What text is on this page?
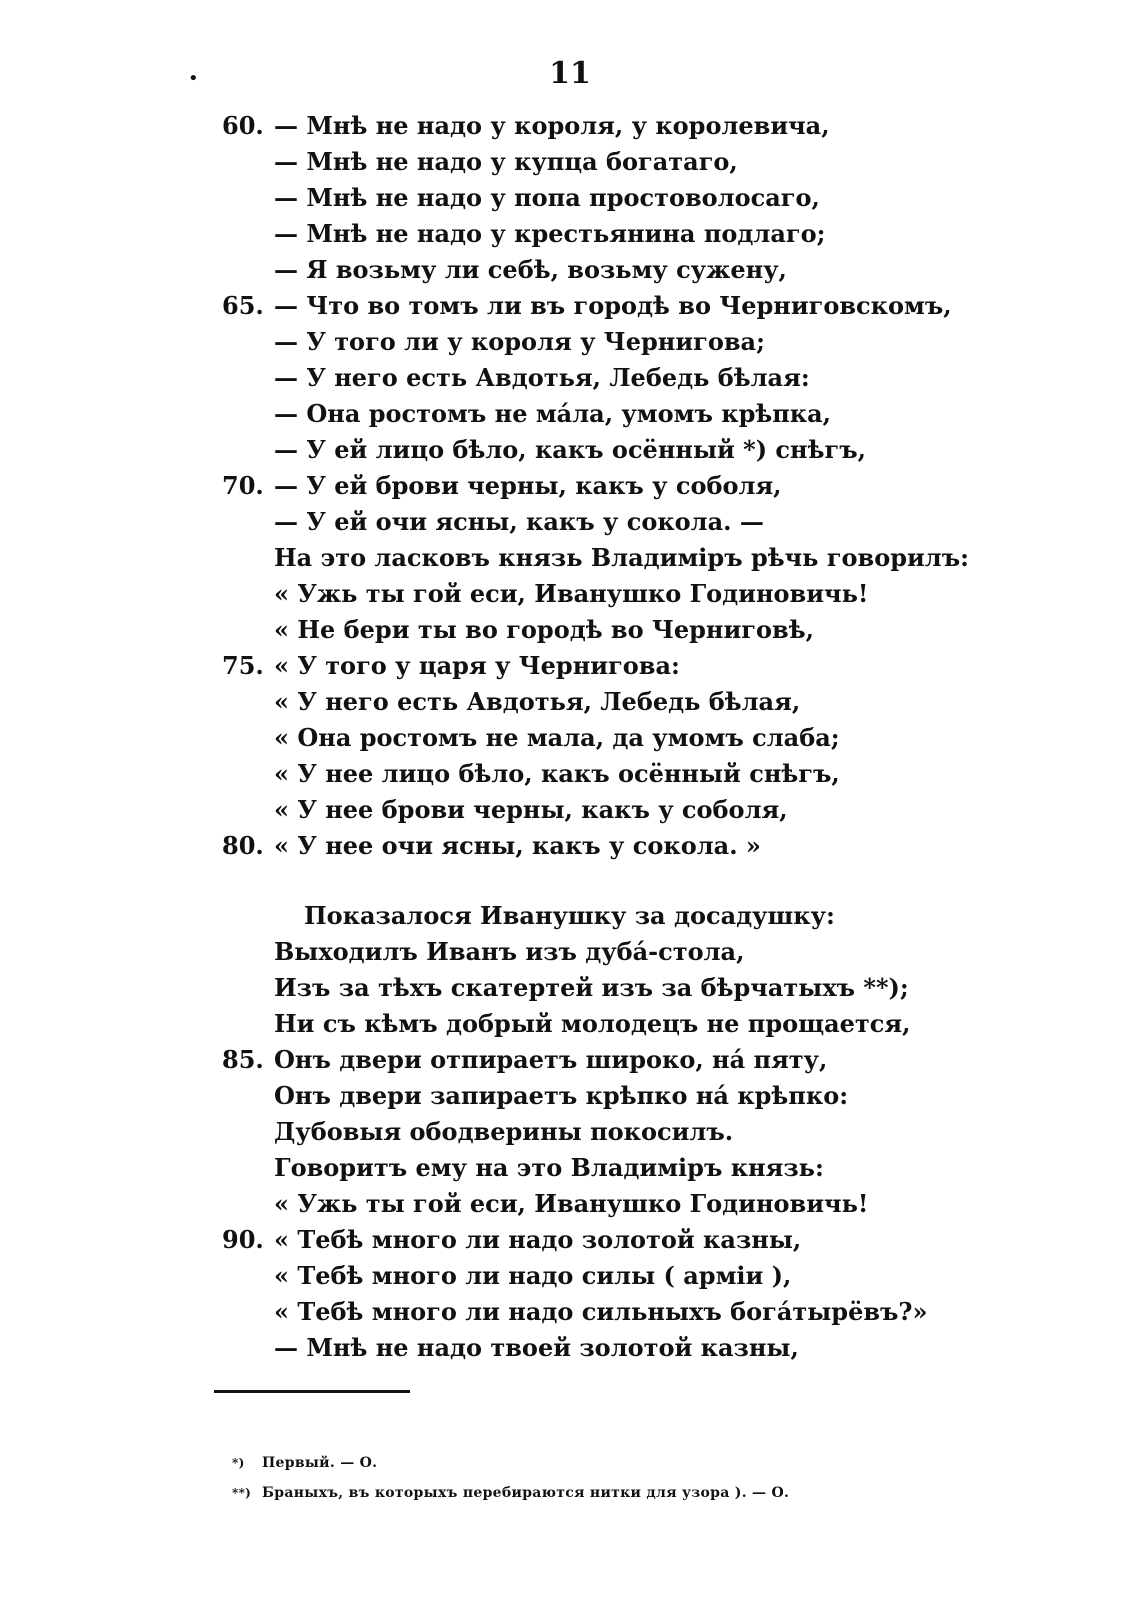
11
•
60. — Мнѣ не надо у короля, у королевича,
— Мнѣ не надо у купца богатаго,
— Мнѣ не надо у попа простоволосаго,
— Мнѣ не надо у крестьянина подлаго;
— Я возьму ли себѣ, возьму сужену,
65. — Что во томъ ли въ городѣ во Черниговскомъ,
— У того ли у короля у Чернигова;
— У него есть Авдотья, Лебедь бѣлая:
— Она ростомъ не мáла, умомъ крѣпка,
— У ей лицо бѣло, какъ осённый *) снѣгъ,
70. — У ей брови черны, какъ у соболя,
— У ей очи ясны, какъ у сокола. —
На это ласковъ князь Владиміръ рѣчь говорилъ:
« Ужь ты гой еси, Иванушко Годиновичь!
« Не бери ты во городѣ во Черниговѣ,
75. « У того у царя у Чернигова:
« У него есть Авдотья, Лебедь бѣлая,
« Она ростомъ не мала, да умомъ слаба;
« У нее лицо бѣло, какъ осённый снѣгъ,
« У нее брови черны, какъ у соболя,
80. « У нее очи ясны, какъ у сокола. »
Показалося Иванушку за досадушку:
Выходилъ Иванъ изъ дубá-стола,
Изъ за тѣхъ скатертей изъ за бѣрчатыхъ **);
Ни съ кѣмъ добрый молодецъ не прощается,
85. Онъ двери отпираетъ широко, нá пяту,
Онъ двери запираетъ крѣпко нá крѣпко:
Дубовыя ободверины покосилъ.
Говоритъ ему на это Владиміръ князь:
« Ужь ты гой еси, Иванушко Годиновичь!
90. « Тебѣ много ли надо золотой казны,
« Тебѣ много ли надо силы ( арміи ),
« Тебѣ много ли надо сильныхъ богáтырёвъ?»
— Мнѣ не надо твоей золотой казны,
*) Первый. — О.
**) Браныхъ, въ которыхъ перебираются нитки для узора ). — О.
